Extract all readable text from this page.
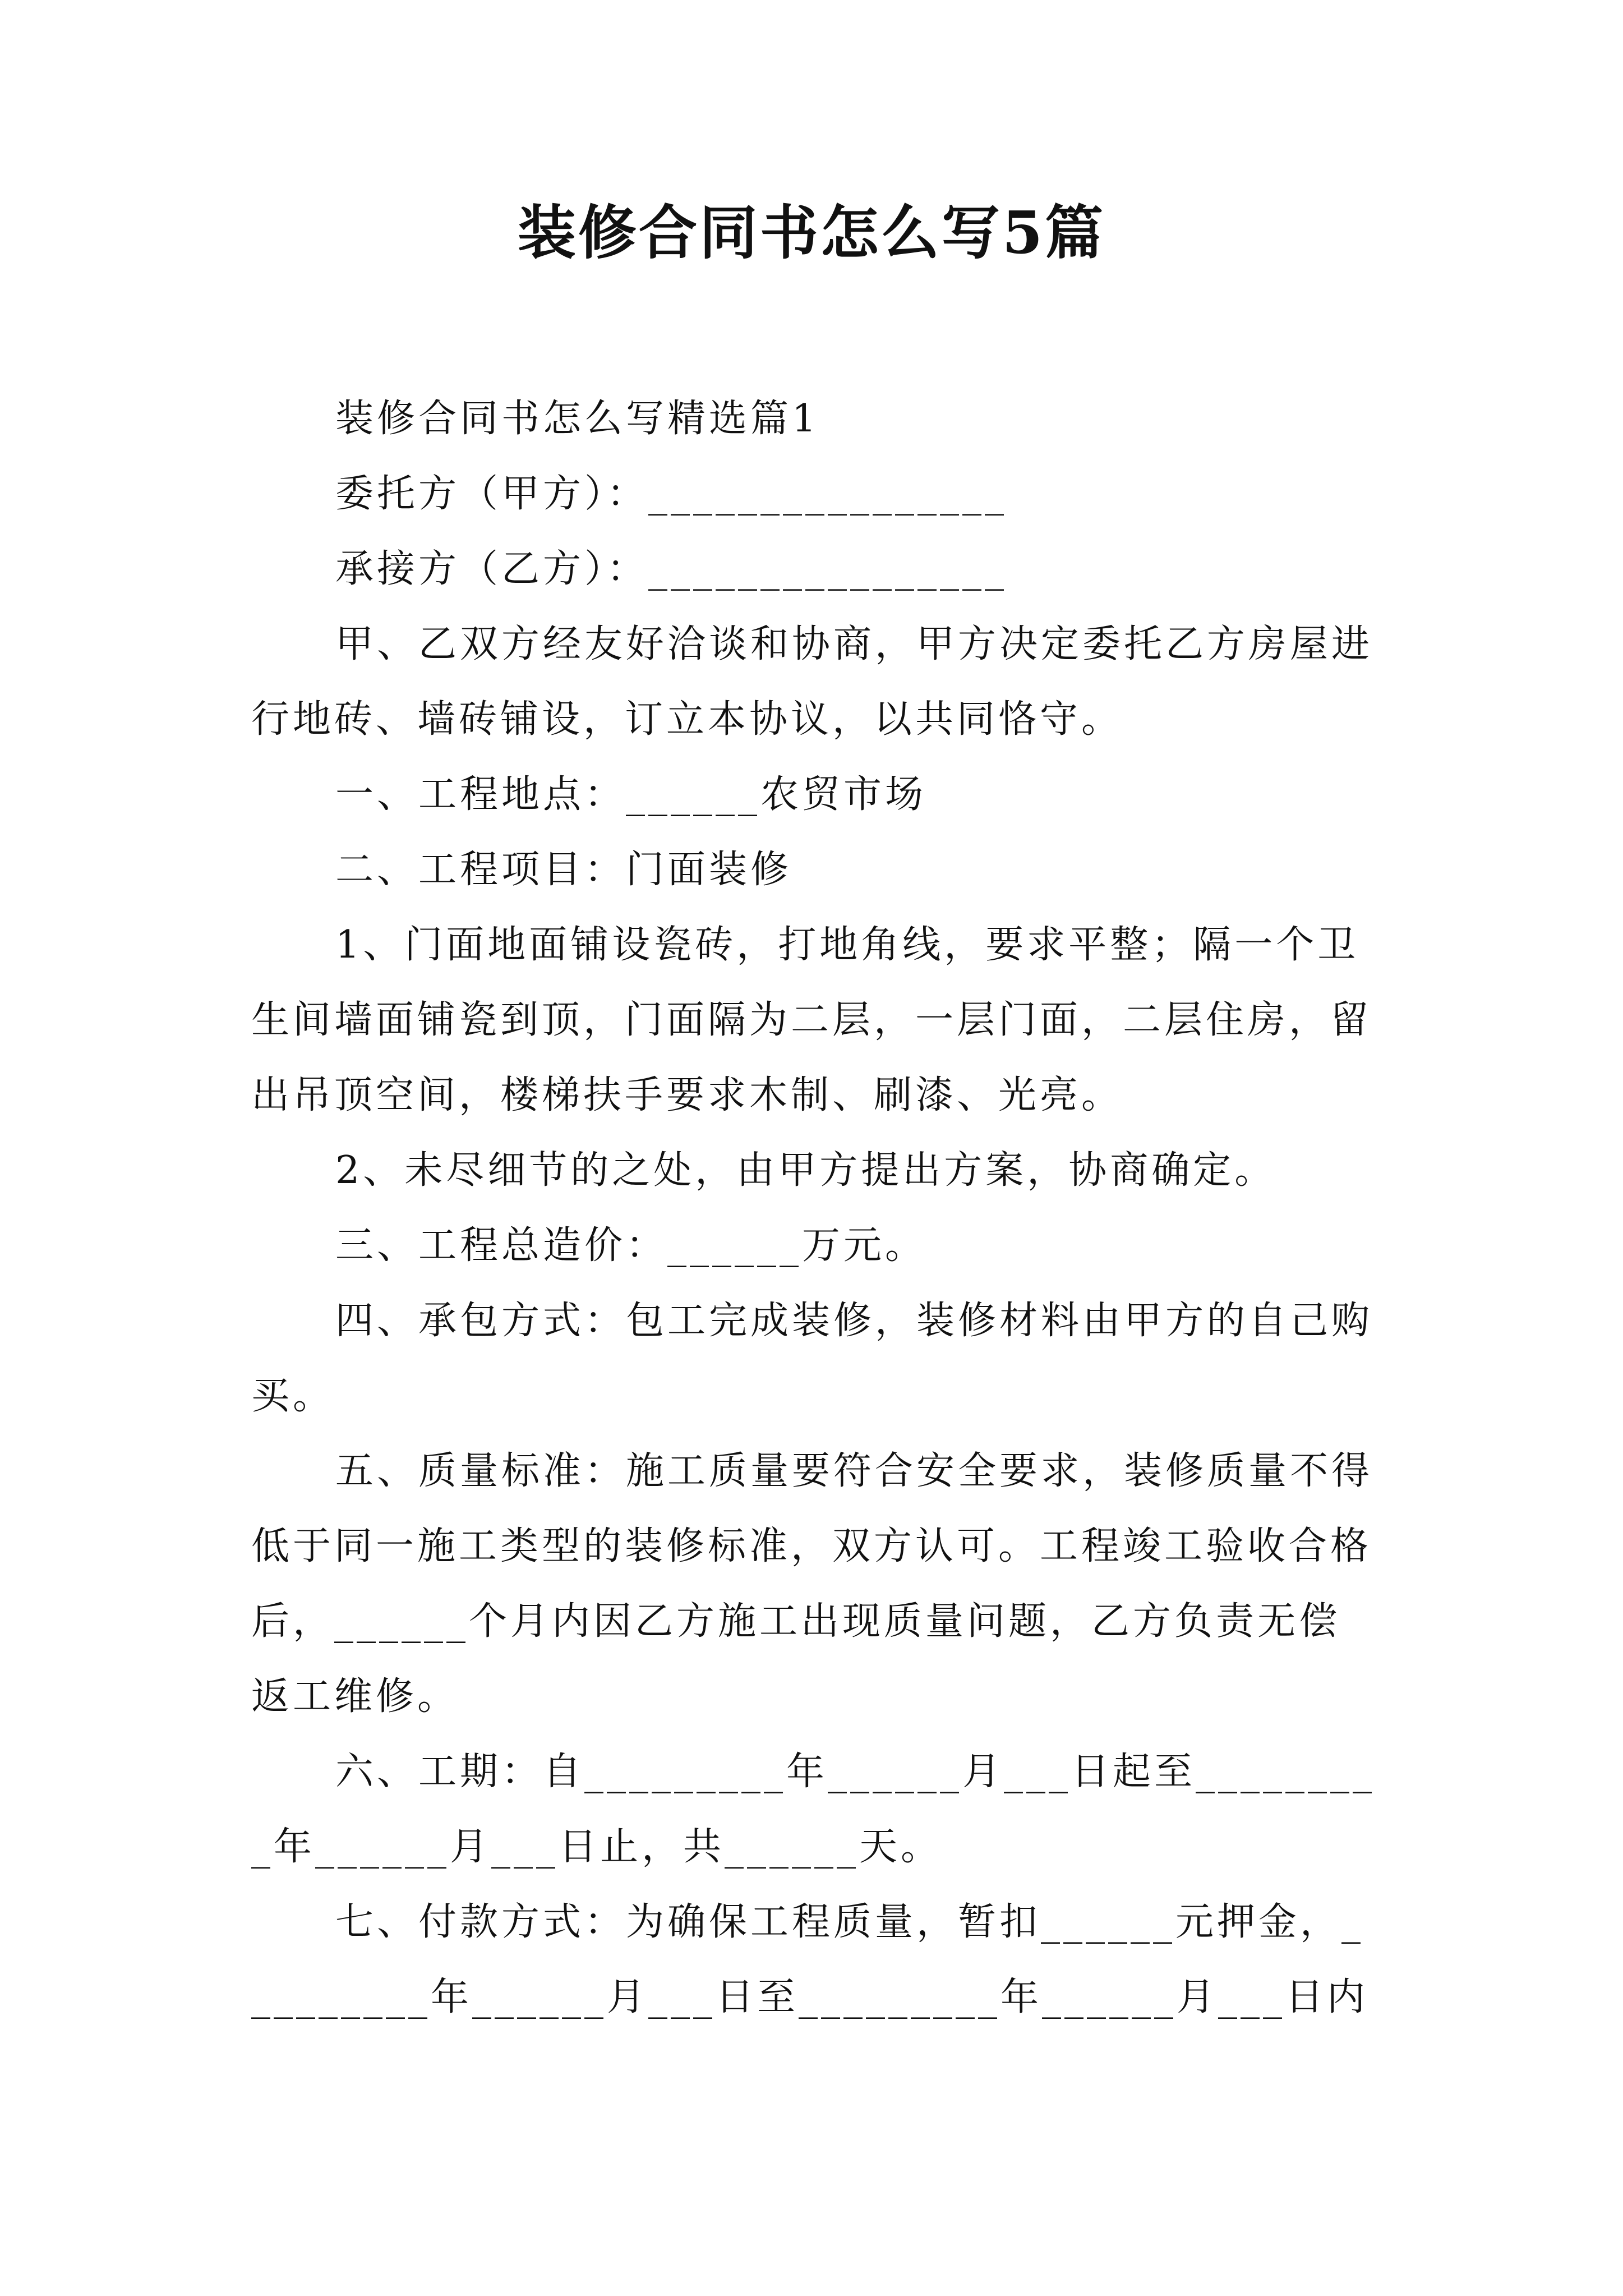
装修合同书怎么写5篇

装修合同书怎么写精选篇1

委托方（甲方）：________________

承接方（乙方）：________________

甲、乙双方经友好洽谈和协商，甲方决定委托乙方房屋进行地砖、墙砖铺设，订立本协议，以共同恪守。

一、工程地点：______农贸市场

二、工程项目：门面装修

1、门面地面铺设瓷砖，打地角线，要求平整；隔一个卫生间墙面铺瓷到顶，门面隔为二层，一层门面，二层住房，留出吊顶空间，楼梯扶手要求木制、刷漆、光亮。

2、未尽细节的之处，由甲方提出方案，协商确定。

三、工程总造价：______万元。

四、承包方式：包工完成装修，装修材料由甲方的自己购买。

五、质量标准：施工质量要符合安全要求，装修质量不得低于同一施工类型的装修标准，双方认可。工程竣工验收合格后，______个月内因乙方施工出现质量问题，乙方负责无偿返工维修。

六、工期：自_________年______月___日起至_________年______月___日止，共______天。

七、付款方式：为确保工程质量，暂扣______元押金，_________年______月___日至_________年______月___日内
